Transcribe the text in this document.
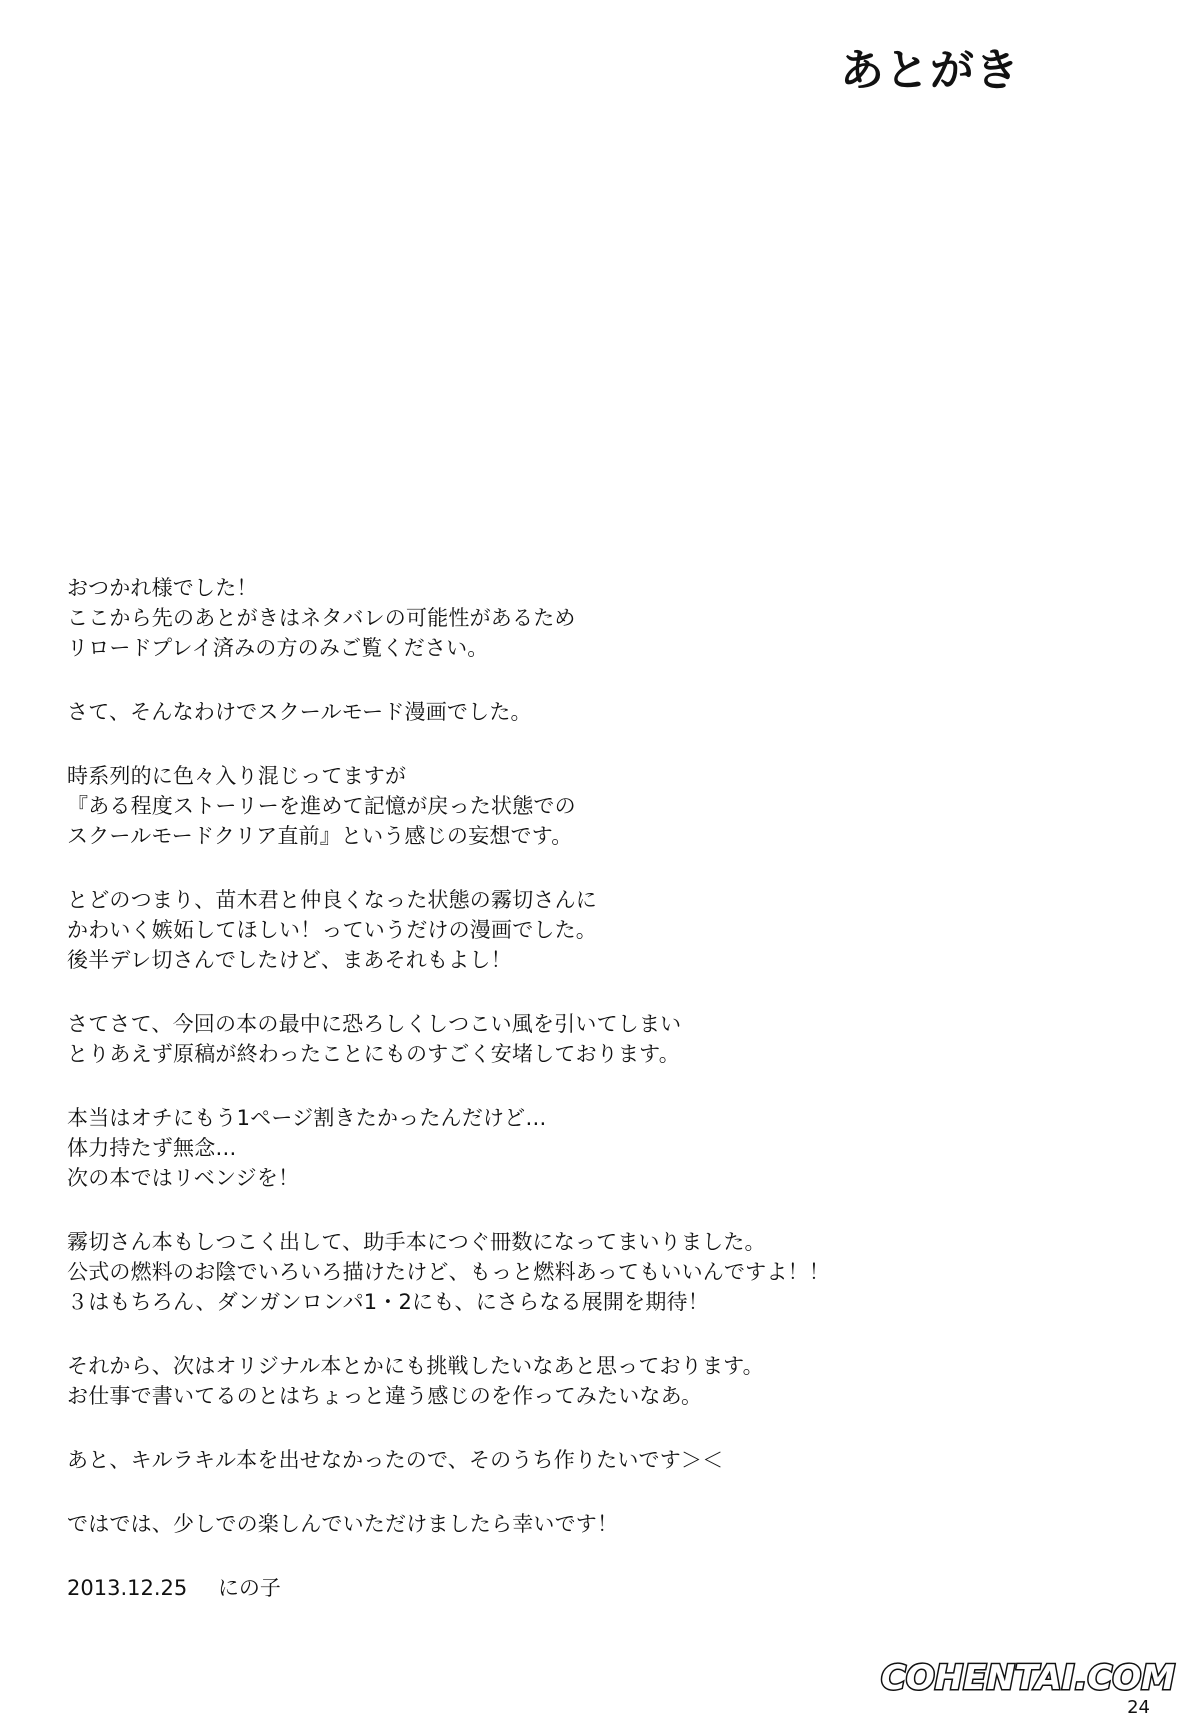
あとがき
おつかれ様でした！
ここから先のあとがきはネタバレの可能性があるため
リロードプレイ済みの方のみご覧ください。
さて、そんなわけでスクールモード漫画でした。
時系列的に色々入り混じってますが
『ある程度ストーリーを進めて記憶が戻った状態での
スクールモードクリア直前』という感じの妄想です。
とどのつまり、苗木君と仲良くなった状態の霧切さんに
かわいく嫉妬してほしい！っていうだけの漫画でした。
後半デレ切さんでしたけど、まあそれもよし！
さてさて、今回の本の最中に恐ろしくしつこい風を引いてしまい
とりあえず原稿が終わったことにものすごく安堵しております。
本当はオチにもう1ページ割きたかったんだけど…
体力持たず無念…
次の本ではリベンジを！
霧切さん本もしつこく出して、助手本につぐ冊数になってまいりました。
公式の燃料のお陰でいろいろ描けたけど、もっと燃料あってもいいんですよ！！
３はもちろん、ダンガンロンパ1・2にも、にさらなる展開を期待！
それから、次はオリジナル本とかにも挑戦したいなあと思っております。
お仕事で書いてるのとはちょっと違う感じのを作ってみたいなあ。
あと、キルラキル本を出せなかったので、そのうち作りたいです＞＜
ではでは、少しでの楽しんでいただけましたら幸いです！
2013.12.25 にの子
COHENTAI.COM
24
